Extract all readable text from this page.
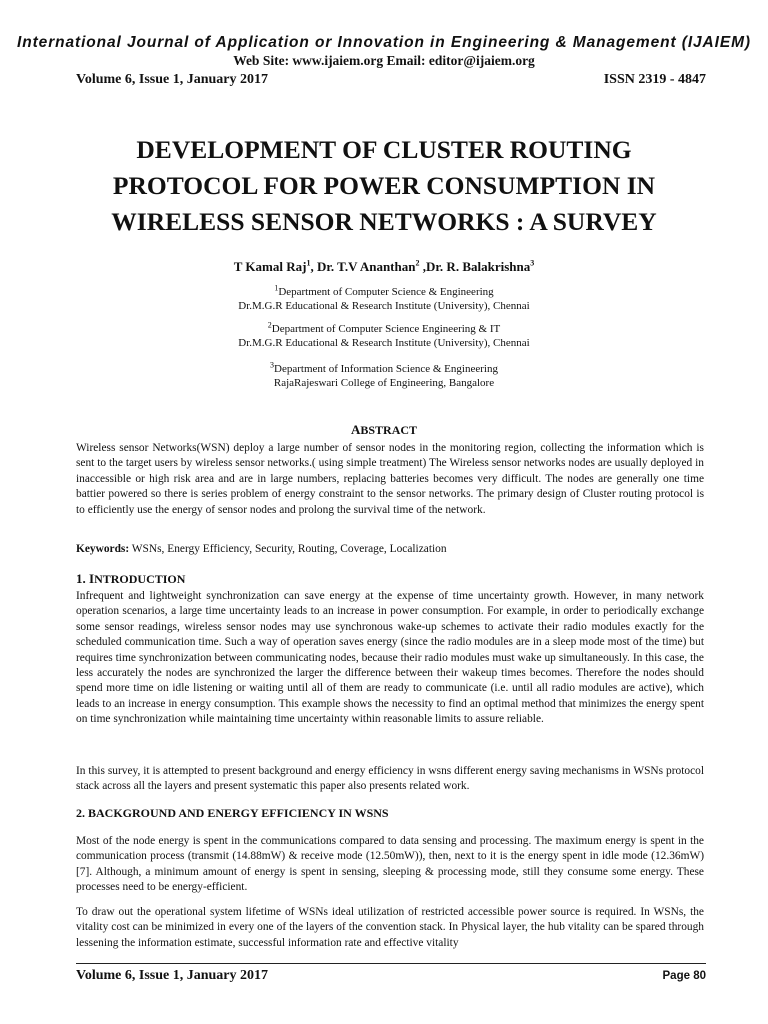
International Journal of Application or Innovation in Engineering & Management (IJAIEM)
Web Site: www.ijaiem.org Email: editor@ijaiem.org
Volume 6, Issue 1, January 2017	ISSN 2319 - 4847
DEVELOPMENT OF CLUSTER ROUTING
PROTOCOL FOR POWER CONSUMPTION IN
WIRELESS SENSOR NETWORKS : A SURVEY
T Kamal Raj$^1$, Dr. T.V Ananthan$^2$ ,Dr. R. Balakrishna$^3$
$^1$Department of Computer Science & Engineering
Dr.M.G.R Educational & Research Institute (University), Chennai
$^2$Department of Computer Science Engineering & IT
Dr.M.G.R Educational & Research Institute (University), Chennai
$^3$Department of Information Science & Engineering
RajaRajeswari College of Engineering, Bangalore
ABSTRACT

Wireless sensor Networks(WSN) deploy a large number of sensor nodes in the monitoring region, collecting the information which is sent to the target users by wireless sensor networks.( using simple treatment) The Wireless sensor networks nodes are usually deployed in inaccessible or high risk area and are in large numbers, replacing batteries becomes very difficult. The nodes are generally one time battier powered so there is series problem of energy constraint to the sensor networks. The primary design of Cluster routing protocol is to efficiently use the energy of sensor nodes and prolong the survival time of the network.

Keywords: WSNs, Energy Efficiency, Security, Routing, Coverage, Localization

1. INTRODUCTION

Infrequent and lightweight synchronization can save energy at the expense of time uncertainty growth. However, in many network operation scenarios, a large time uncertainty leads to an increase in power consumption. For example, in order to periodically exchange some sensor readings, wireless sensor nodes may use synchronous wake-up schemes to activate their radio modules exactly for the scheduled communication time. Such a way of operation saves energy (since the radio modules are in a sleep mode most of the time) but requires time synchronization between communicating nodes, because their radio modules must wake up simultaneously. In this case, the less accurately the nodes are synchronized the larger the difference between their wakeup times becomes. Therefore the nodes should spend more time on idle listening or waiting until all of them are ready to communicate (i.e. until all radio modules are active), which leads to an increase in energy consumption. This example shows the necessity to find an optimal method that minimizes the energy spent on time synchronization while maintaining time uncertainty within reasonable limits to assure reliable.

In this survey, it is attempted to present background and energy efficiency in wsns different energy saving mechanisms in WSNs protocol stack across all the layers and present systematic this paper also presents related work.

2. BACKGROUND AND ENERGY EFFICIENCY IN WSNS

Most of the node energy is spent in the communications compared to data sensing and processing. The maximum energy is spent in the communication process (transmit (14.88mW) & receive mode (12.50mW)), then, next to it is the energy spent in idle mode (12.36mW) [7]. Although, a minimum amount of energy is spent in sensing, sleeping & processing mode, still they consume some energy. These processes need to be energy-efficient.

To draw out the operational system lifetime of WSNs ideal utilization of restricted accessible power source is required. In WSNs, the vitality cost can be minimized in every one of the layers of the convention stack. In Physical layer, the hub vitality can be spared through lessening the information estimate, successful information rate and effective vitality

Volume 6, Issue 1, January 2017	Page 80
